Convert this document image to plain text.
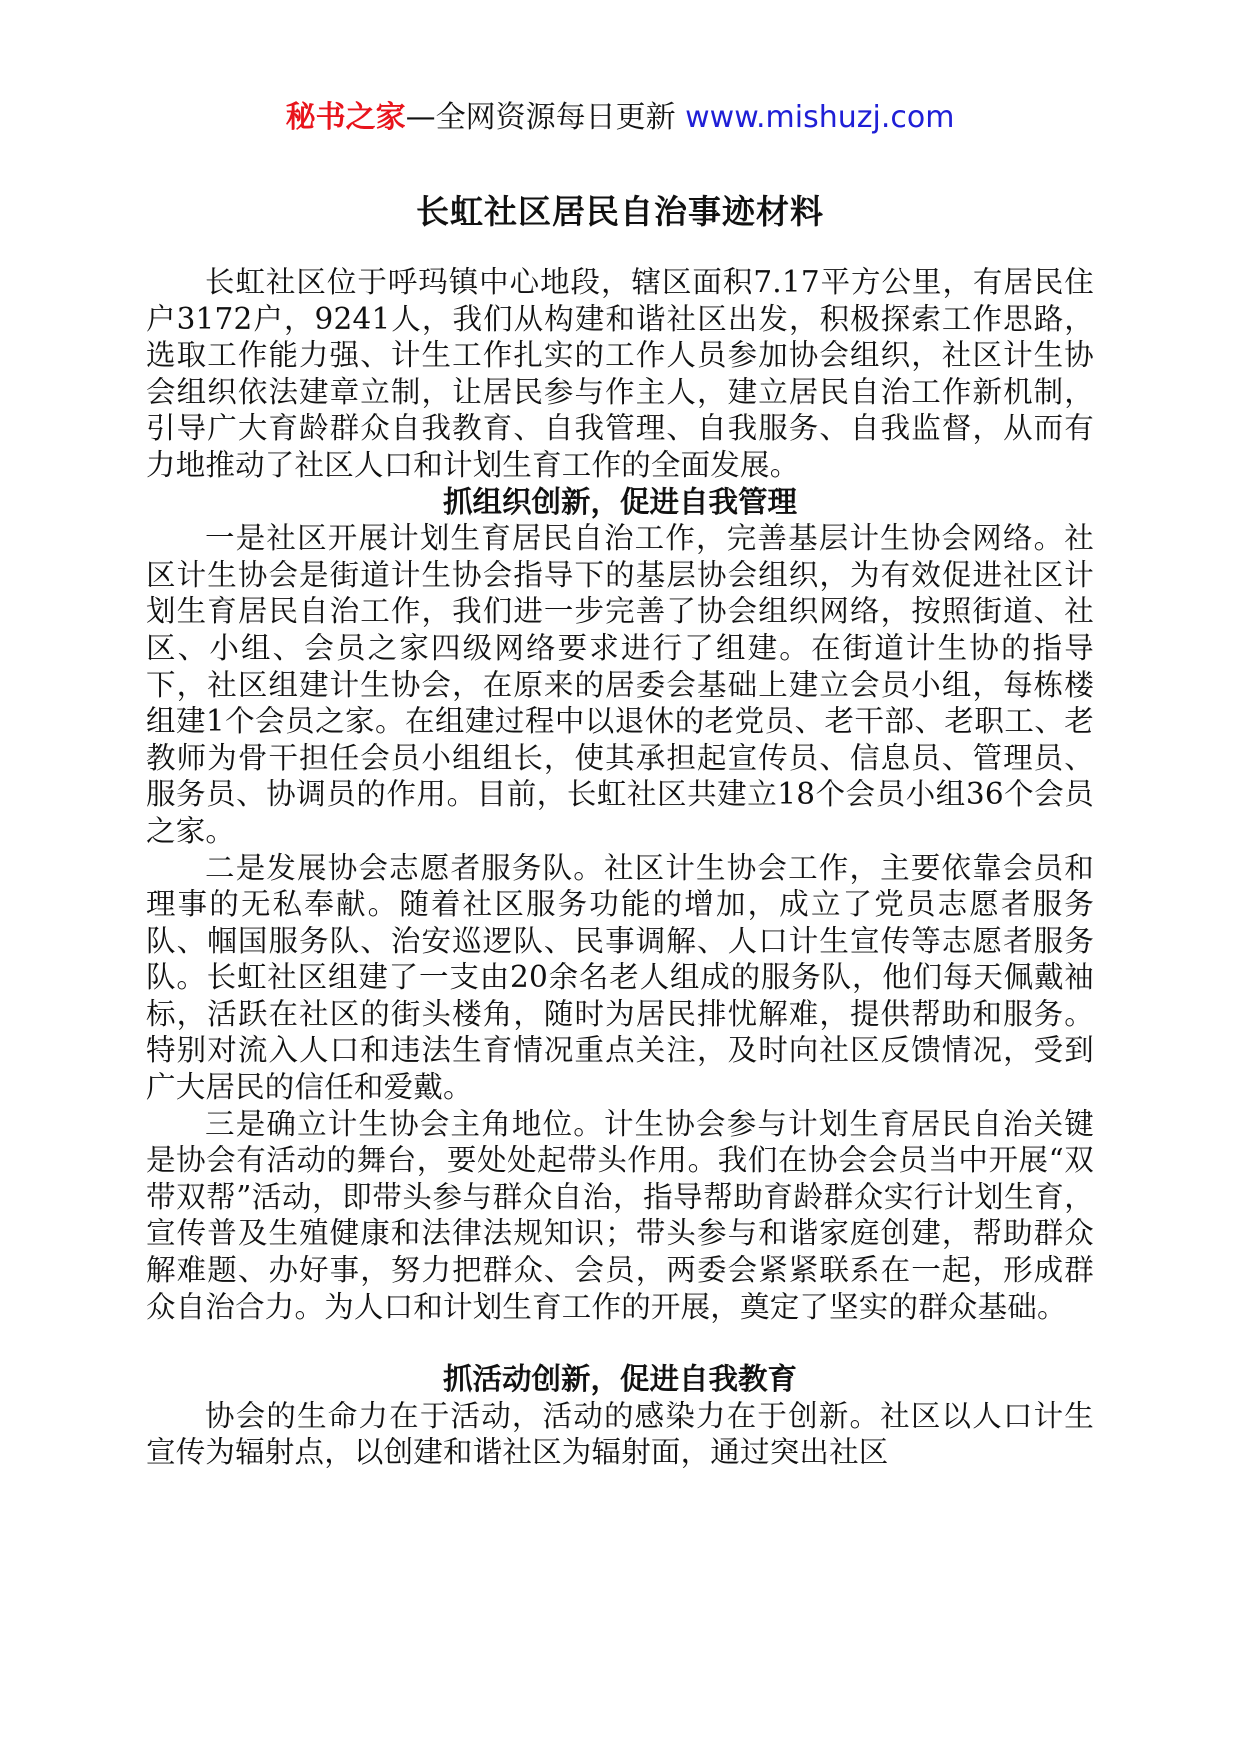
秘书之家—全网资源每日更新 www.mishuzj.com
长虹社区居民自治事迹材料

长虹社区位于呼玛镇中心地段，辖区面积7.17平方公里，有居民住户3172户，9241人，我们从构建和谐社区出发，积极探索工作思路，选取工作能力强、计生工作扎实的工作人员参加协会组织，社区计生协会组织依法建章立制，让居民参与作主人，建立居民自治工作新机制，引导广大育龄群众自我教育、自我管理、自我服务、自我监督，从而有力地推动了社区人口和计划生育工作的全面发展。

抓组织创新，促进自我管理

一是社区开展计划生育居民自治工作，完善基层计生协会网络。社区计生协会是街道计生协会指导下的基层协会组织，为有效促进社区计划生育居民自治工作，我们进一步完善了协会组织网络，按照街道、社区、小组、会员之家四级网络要求进行了组建。在街道计生协的指导下，社区组建计生协会，在原来的居委会基础上建立会员小组，每栋楼组建1个会员之家。在组建过程中以退休的老党员、老干部、老职工、老教师为骨干担任会员小组组长，使其承担起宣传员、信息员、管理员、服务员、协调员的作用。目前，长虹社区共建立18个会员小组36个会员之家。

二是发展协会志愿者服务队。社区计生协会工作，主要依靠会员和理事的无私奉献。随着社区服务功能的增加，成立了党员志愿者服务队、帼国服务队、治安巡逻队、民事调解、人口计生宣传等志愿者服务队。长虹社区组建了一支由20余名老人组成的服务队，他们每天佩戴袖标，活跃在社区的街头楼角，随时为居民排忧解难，提供帮助和服务。特别对流入人口和违法生育情况重点关注，及时向社区反馈情况，受到广大居民的信任和爱戴。

三是确立计生协会主角地位。计生协会参与计划生育居民自治关键是协会有活动的舞台，要处处起带头作用。我们在协会会员当中开展“双带双帮”活动，即带头参与群众自治，指导帮助育龄群众实行计划生育，宣传普及生殖健康和法律法规知识；带头参与和谐家庭创建，帮助群众解难题、办好事，努力把群众、会员，两委会紧紧联系在一起，形成群众自治合力。为人口和计划生育工作的开展，奠定了坚实的群众基础。

抓活动创新，促进自我教育

协会的生命力在于活动，活动的感染力在于创新。社区以人口计生宣传为辐射点，以创建和谐社区为辐射面，通过突出社区
